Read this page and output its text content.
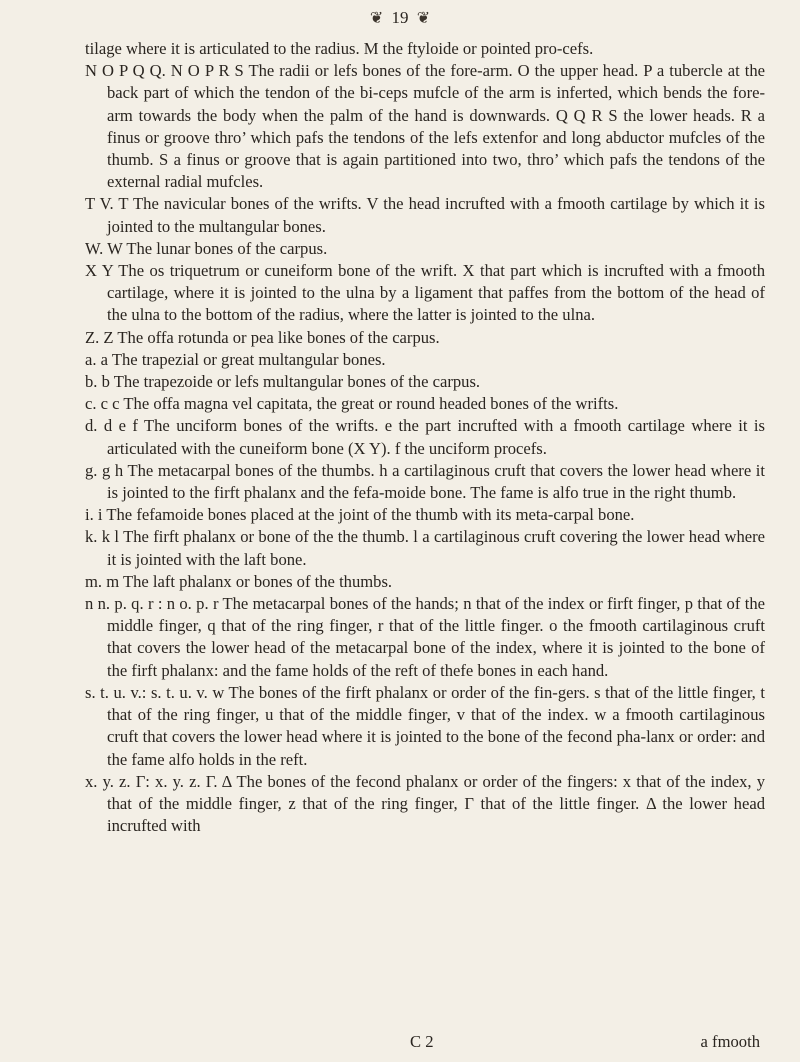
❦ 19 ❦

tilage where it is articulated to the radius. M the ftyloide or pointed pro-cefs.

N O P Q Q. N O P R S The radii or lefs bones of the fore-arm. O the upper head. P a tubercle at the back part of which the tendon of the bi-ceps mufcle of the arm is inferted, which bends the fore-arm towards the body when the palm of the hand is downwards. Q Q R S the lower heads. R a finus or groove thro’ which pafs the tendons of the lefs extenfor and long abductor mufcles of the thumb. S a finus or groove that is again partitioned into two, thro’ which pafs the tendons of the external radial mufcles.

T V. T The navicular bones of the wrifts. V the head incrufted with a fmooth cartilage by which it is jointed to the multangular bones.

W. W The lunar bones of the carpus.

X Y The os triquetrum or cuneiform bone of the wrift. X that part which is incrufted with a fmooth cartilage, where it is jointed to the ulna by a ligament that paffes from the bottom of the head of the ulna to the bottom of the radius, where the latter is jointed to the ulna.

Z. Z The offa rotunda or pea like bones of the carpus.

a. a The trapezial or great multangular bones.

b. b The trapezoide or lefs multangular bones of the carpus.

c. c c The offa magna vel capitata, the great or round headed bones of the wrifts.

d. d e f The unciform bones of the wrifts. e the part incrufted with a fmooth cartilage where it is articulated with the cuneiform bone (X Y). f the unciform procefs.

g. g h The metacarpal bones of the thumbs. h a cartilaginous cruft that covers the lower head where it is jointed to the firft phalanx and the fefa-moide bone. The fame is alfo true in the right thumb.

i. i The fefamoide bones placed at the joint of the thumb with its meta-carpal bone.

k. k l The firft phalanx or bone of the the thumb. l a cartilaginous cruft covering the lower head where it is jointed with the laft bone.

m. m The laft phalanx or bones of the thumbs.

n n. p. q. r : n o. p. r The metacarpal bones of the hands; n that of the index or firft finger, p that of the middle finger, q that of the ring finger, r that of the little finger. o the fmooth cartilaginous cruft that covers the lower head of the metacarpal bone of the index, where it is jointed to the bone of the firft phalanx: and the fame holds of the reft of thefe bones in each hand.

s. t. u. v.: s. t. u. v. w The bones of the firft phalanx or order of the fin-gers. s that of the little finger, t that of the ring finger, u that of the middle finger, v that of the index. w a fmooth cartilaginous cruft that covers the lower head where it is jointed to the bone of the fecond pha-lanx or order: and the fame alfo holds in the reft.

x. y. z. Γ: x. y. z. Γ. Δ The bones of the fecond phalanx or order of the fingers: x that of the index, y that of the middle finger, z that of the ring finger, Γ that of the little finger. Δ the lower head incrufted with

C 2	a fmooth
